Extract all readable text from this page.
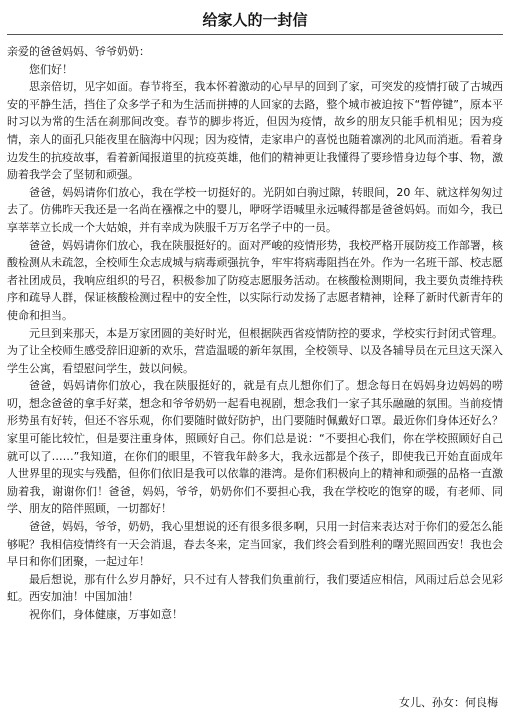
给家人的一封信

亲爱的爸爸妈妈、爷爷奶奶：

您们好！

思亲倍切，见字如面。春节将至，我本怀着激动的心早早的回到了家，可突发的疫情打破了古城西安的平静生活，挡住了众多学子和为生活而拼搏的人回家的去路，整个城市被迫按下“暂停键”，原本平时习以为常的生活在刹那间改变。春节的脚步将近，但因为疫情，故乡的朋友只能手机相见；因为疫情，亲人的面孔只能夜里在脑海中闪现；因为疫情，走家串户的喜悦也随着凛冽的北风而消逝。看着身边发生的抗疫故事，看着新闻报道里的抗疫英雄，他们的精神更让我懂得了要珍惜身边每个事、物，激励着我学会了坚韧和顽强。

爸爸，妈妈请你们放心，我在学校一切挺好的。光阴如白驹过隙，转眼间，20 年、就这样匆匆过去了。仿佛昨天我还是一名尚在襁褓之中的婴儿，咿呀学语喊里永远喊得都是爸爸妈妈。而如今，我已享莘莘立长成一个大姑娘，并有幸成为陕服千万万名学子中的一员。

爸爸，妈妈请你们放心，我在陕服挺好的。面对严峻的疫情形势，我校严格开展防疫工作部署，核酸检测从未疏忽，全校师生众志成城与病毒顽强抗争，牢牢将病毒阻挡在外。作为一名班干部、校志愿者社团成员，我响应组织的号召，积极参加了防疫志愿服务活动。在核酸检测期间，我主要负责维持秩序和疏导人群，保证核酸检测过程中的安全性，以实际行动发扬了志愿者精神，诠释了新时代新青年的使命和担当。

元旦到来那天，本是万家团圆的美好时光，但根据陕西省疫情防控的要求，学校实行封闭式管理。为了让全校师生感受辞旧迎新的欢乐，营造温暖的新年氛围，全校领导、以及各辅导员在元旦这天深入学生公寓，看望慰问学生，鼓以问候。

爸爸，妈妈请你们放心，我在陕服挺好的，就是有点儿想你们了。想念每日在妈妈身边妈妈的唠叨，想念爸爸的拿手好菜，想念和爷爷奶奶一起看电视剧，想念我们一家子其乐融融的氛围。当前疫情形势虽有好转，但还不容乐观，你们要随时做好防护，出门要随时佩戴好口罩。最近你们身体还好么？家里可能比较忙，但是要注重身体，照顾好自己。你们总是说：“不要担心我们，你在学校照顾好自己就可以了……”我知道，在你们的眼里，不管我年龄多大，我永远都是个孩子，即使我已开始直面成年人世界里的现实与残酷，但你们依旧是我可以依靠的港湾。是你们积极向上的精神和顽强的品格一直激励着我，谢谢你们！爸爸，妈妈，爷爷，奶奶你们不要担心我，我在学校吃的饱穿的暖，有老师、同学、朋友的陪伴照顾，一切都好！

爸爸，妈妈，爷爷，奶奶，我心里想说的还有很多很多啊，只用一封信来表达对于你们的爱怎么能够呢？我相信疫情终有一天会消退，春去冬来，定当回家，我们终会看到胜利的曙光照回西安！我也会早日和你们团聚，一起过年！

最后想说，那有什么岁月静好，只不过有人替我们负重前行，我们要适应相信，风雨过后总会见彩虹。西安加油！中国加油！

祝你们，身体健康，万事如意！

女儿、孙女：何良梅
